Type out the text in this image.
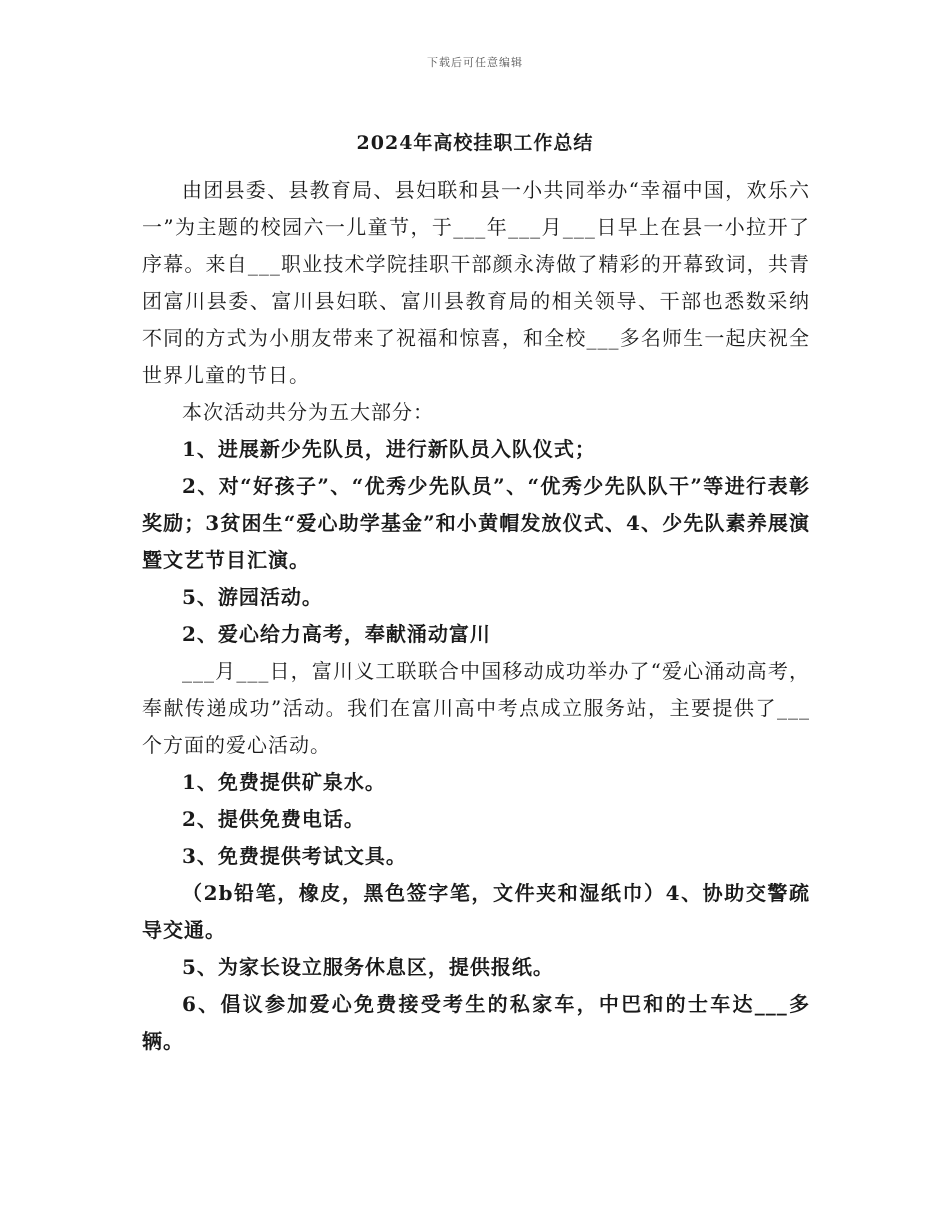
下载后可任意编辑
2024年高校挂职工作总结

由团县委、县教育局、县妇联和县一小共同举办“幸福中国，欢乐六一”为主题的校园六一儿童节，于___年___月___日早上在县一小拉开了序幕。来自___职业技术学院挂职干部颜永涛做了精彩的开幕致词，共青团富川县委、富川县妇联、富川县教育局的相关领导、干部也悉数采纳不同的方式为小朋友带来了祝福和惊喜，和全校___多名师生一起庆祝全世界儿童的节日。

本次活动共分为五大部分：

1、进展新少先队员，进行新队员入队仪式；

2、对“好孩子”、“优秀少先队员”、“优秀少先队队干”等进行表彰奖励；3贫困生“爱心助学基金”和小黄帽发放仪式、4、少先队素养展演暨文艺节目汇演。

5、游园活动。

2、爱心给力高考，奉献涌动富川

___月___日，富川义工联联合中国移动成功举办了“爱心涌动高考，奉献传递成功”活动。我们在富川高中考点成立服务站，主要提供了___个方面的爱心活动。

1、免费提供矿泉水。

2、提供免费电话。

3、免费提供考试文具。

（2b铅笔，橡皮，黑色签字笔，文件夹和湿纸巾）4、协助交警疏导交通。

5、为家长设立服务休息区，提供报纸。

6、倡议参加爱心免费接受考生的私家车，中巴和的士车达___多辆。
